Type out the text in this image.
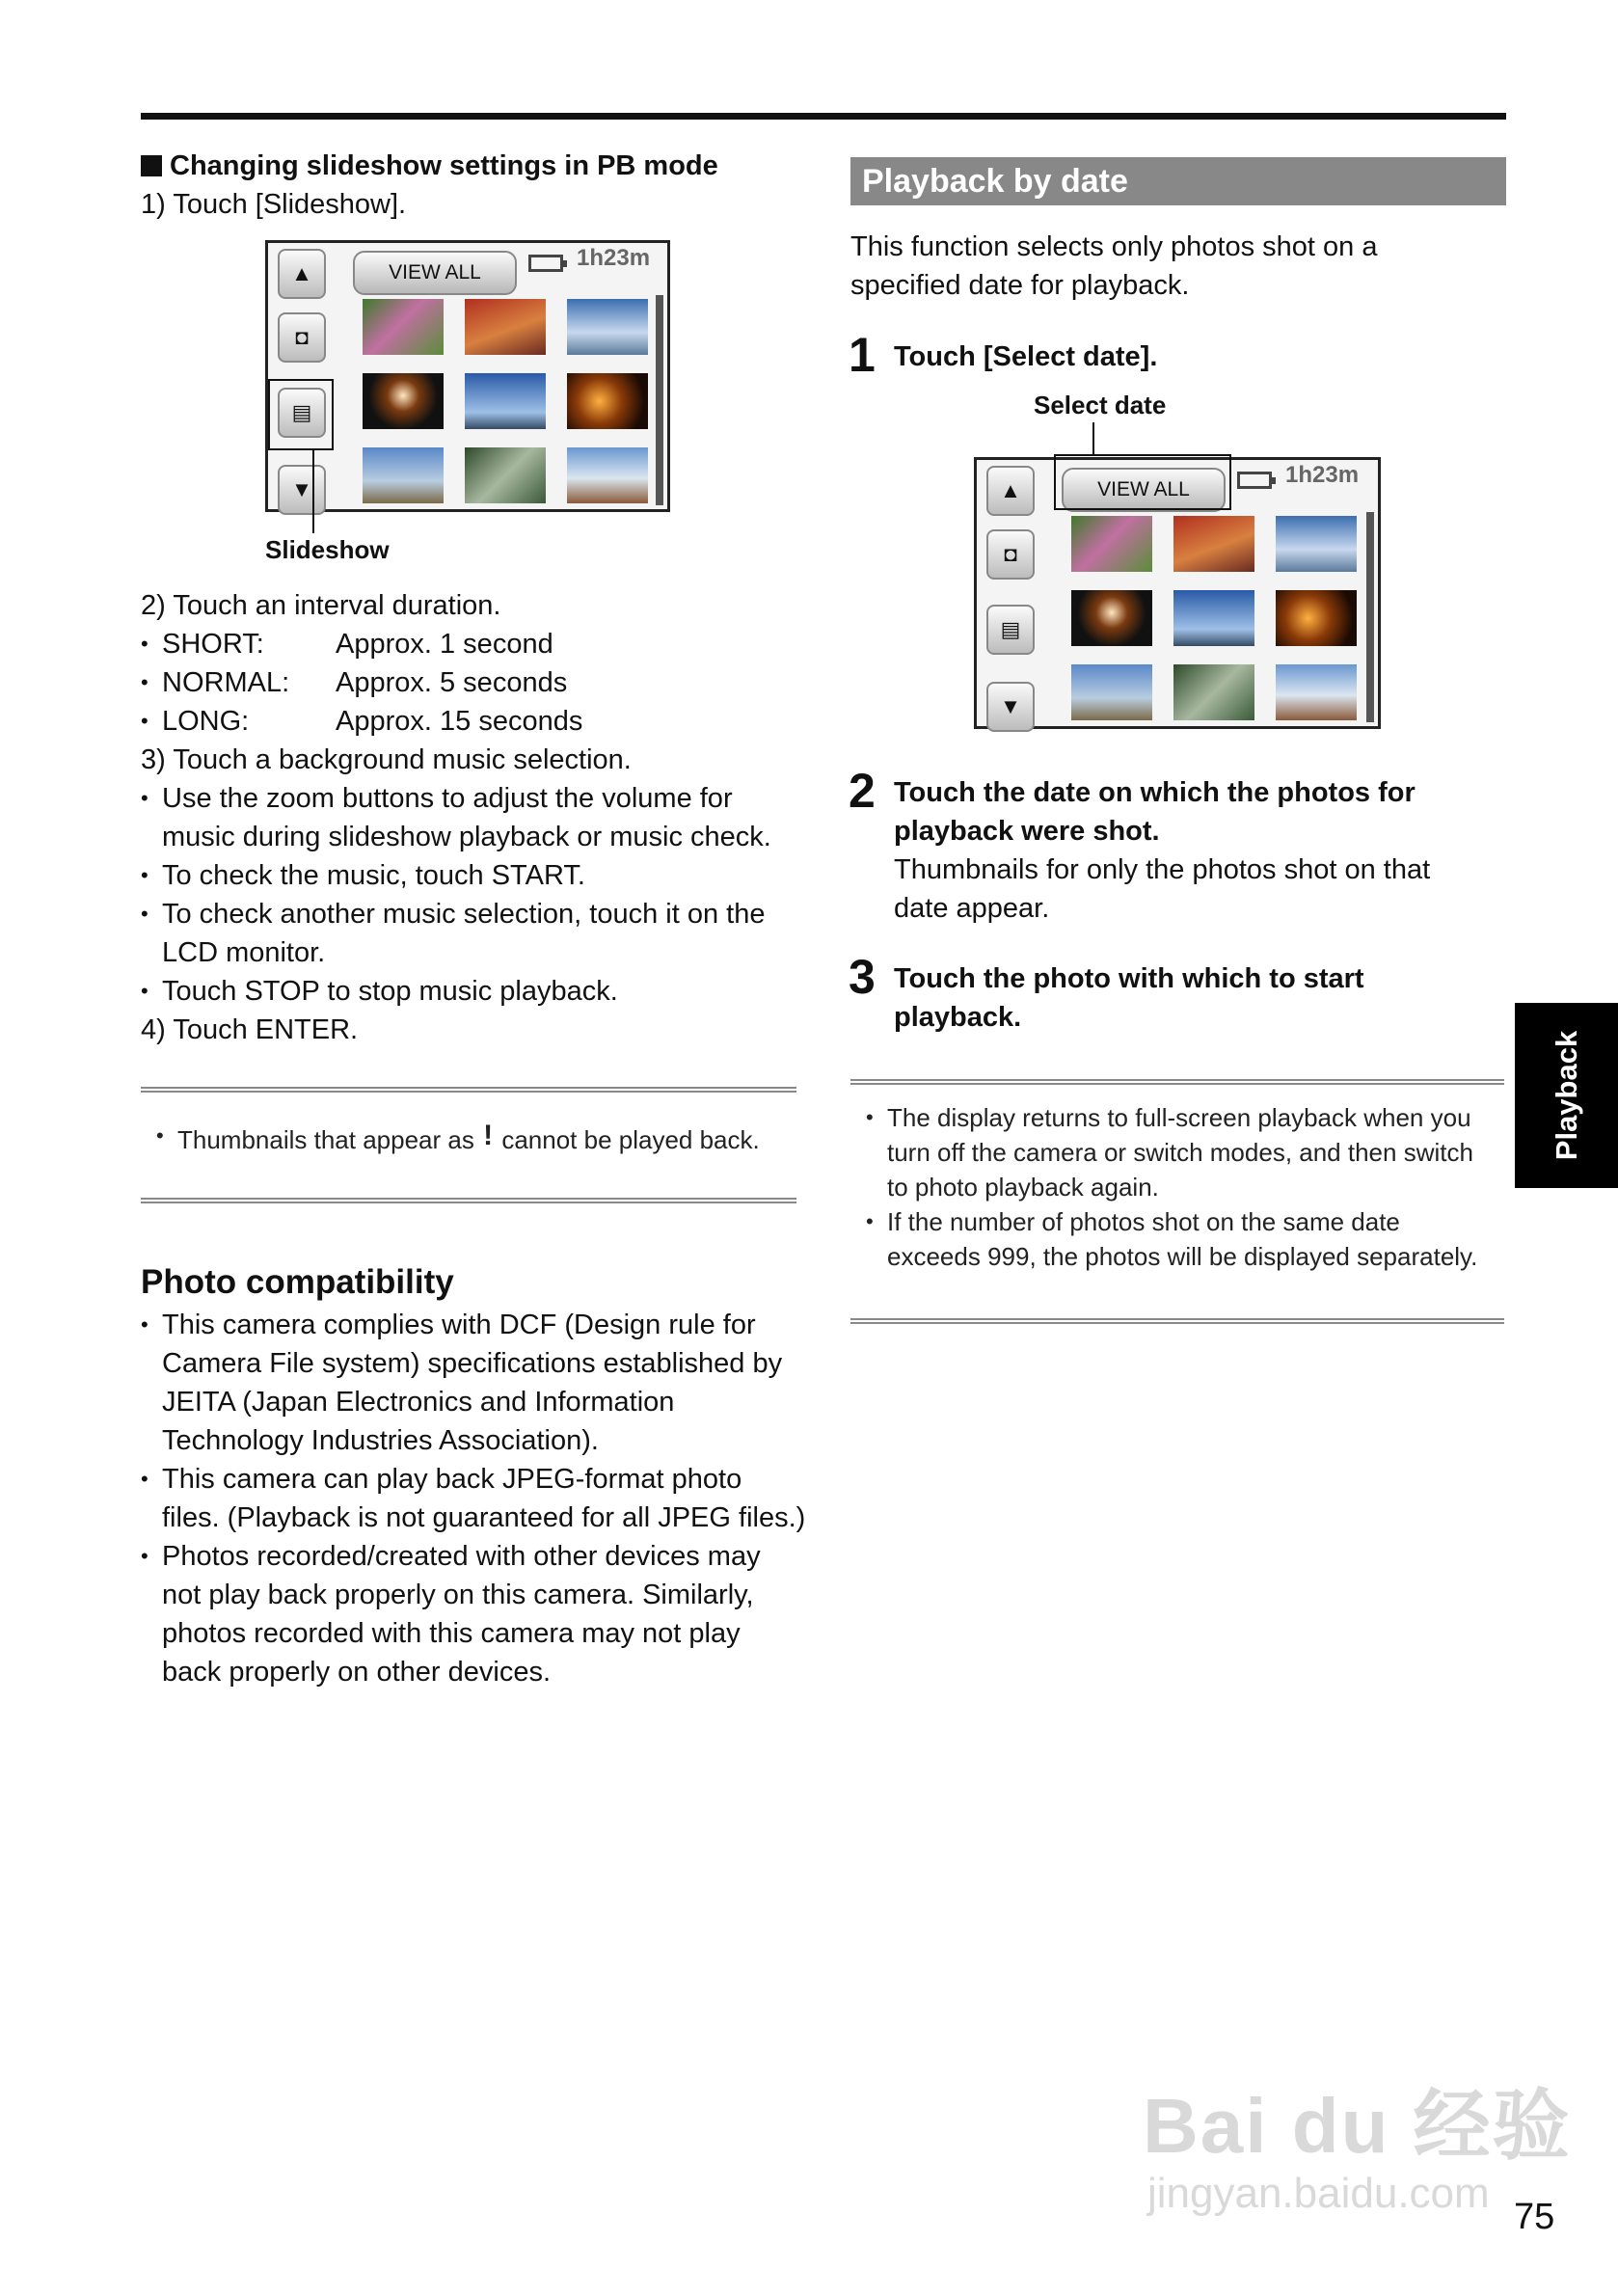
Changing slideshow settings in PB mode
1) Touch [Slideshow].
▲
◘
▤
▼
VIEW ALL
1h23m
Slideshow
2) Touch an interval duration.
• SHORT:	Approx. 1 second
• NORMAL:	Approx. 5 seconds
• LONG:	Approx. 15 seconds
3) Touch a background music selection.
• Use the zoom buttons to adjust the volume for music during slideshow playback or music check.
• To check the music, touch START.
• To check another music selection, touch it on the LCD monitor.
• Touch STOP to stop music playback.
4) Touch ENTER.
• Thumbnails that appear as ! cannot be played back.
Photo compatibility
• This camera complies with DCF (Design rule for Camera File system) specifications established by JEITA (Japan Electronics and Information Technology Industries Association).
• This camera can play back JPEG-format photo files. (Playback is not guaranteed for all JPEG files.)
• Photos recorded/created with other devices may not play back properly on this camera. Similarly, photos recorded with this camera may not play back properly on other devices.
Playback by date
This function selects only photos shot on a specified date for playback.
1 Touch [Select date].
Select date
▲
◘
▤
▼
VIEW ALL
1h23m
2 Touch the date on which the photos for playback were shot.
Thumbnails for only the photos shot on that date appear.
3 Touch the photo with which to start playback.
• The display returns to full-screen playback when you turn off the camera or switch modes, and then switch to photo playback again.
• If the number of photos shot on the same date exceeds 999, the photos will be displayed separately.
Playback
Bai du 经验
jingyan.baidu.com 75
